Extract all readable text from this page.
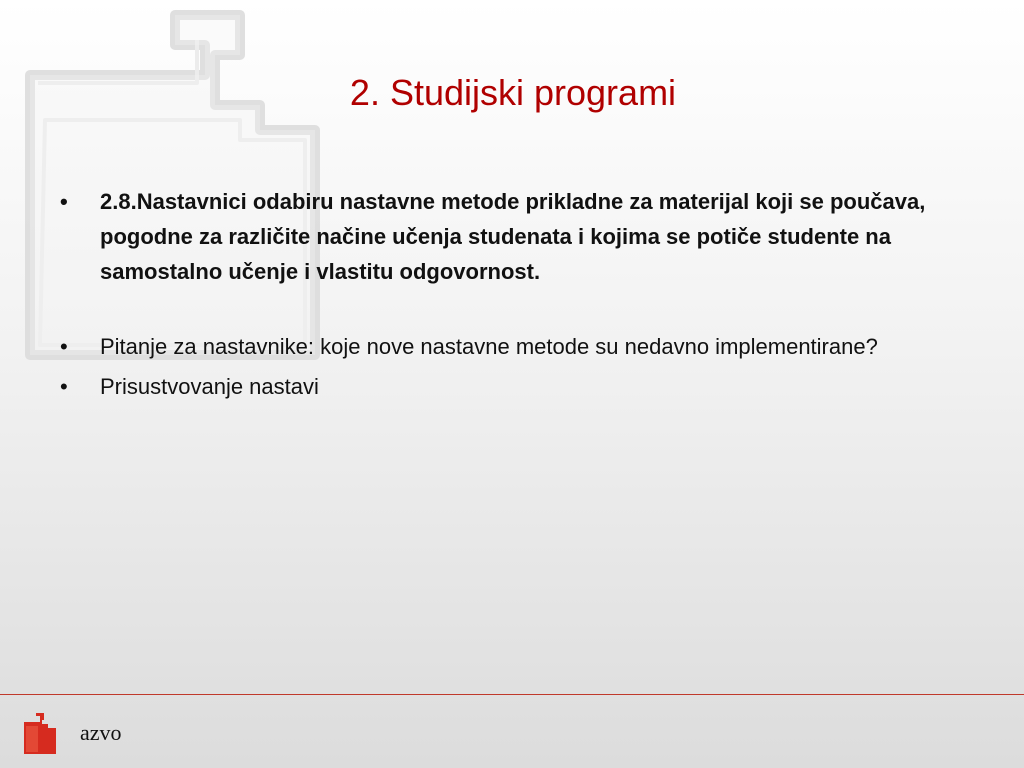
2. Studijski programi
•	2.8.Nastavnici odabiru nastavne metode prikladne za materijal koji se poučava, pogodne za različite načine učenja studenata i kojima se potiče studente na samostalno učenje i vlastitu odgovornost.
•	Pitanje za nastavnike: koje nove nastavne metode su nedavno implementirane?
•	Prisustvovanje nastavi
azvo
